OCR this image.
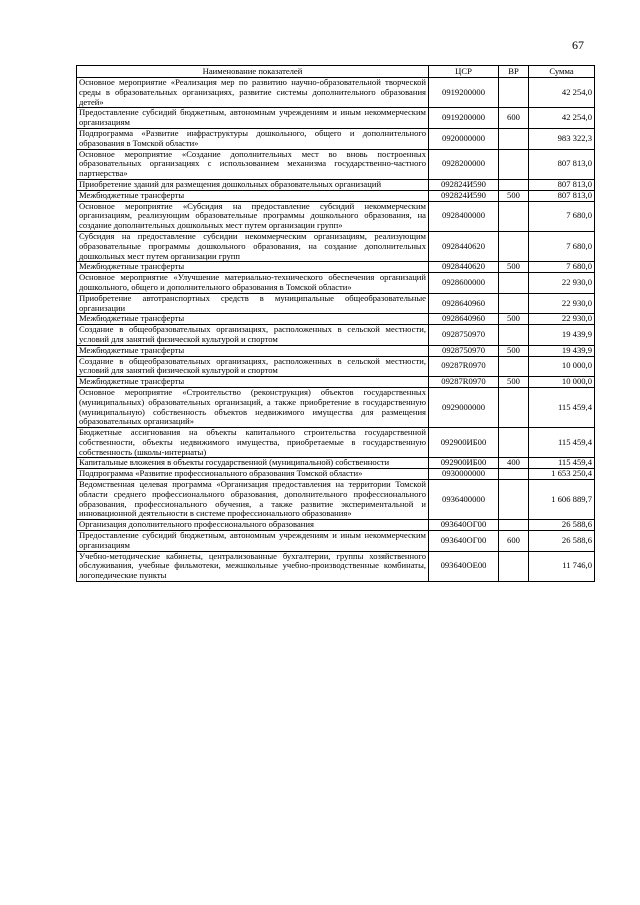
67
Наименование показателей	ЦСР	ВР	Сумма
Основное мероприятие «Реализация мер по развитию научно-образовательной творческой среды в образовательных организациях, развитие системы дополнительного образования детей»	0919200000		42 254,0
Предоставление субсидий бюджетным, автономным учреждениям и иным некоммерческим организациям	0919200000	600	42 254,0
Подпрограмма «Развитие инфраструктуры дошкольного, общего и дополнительного образования в Томской области»	0920000000		983 322,3
Основное мероприятие «Создание дополнительных мест во вновь построенных образовательных организациях с использованием механизма государственно-частного партнерства»	0928200000		807 813,0
Приобретение зданий для размещения дошкольных образовательных организаций	092824И590		807 813,0
Межбюджетные трансферты	092824И590	500	807 813,0
Основное мероприятие «Субсидия на предоставление субсидий некоммерческим организациям, реализующим образовательные программы дошкольного образования, на создание дополнительных дошкольных мест путем организации групп»	0928400000		7 680,0
Субсидия на предоставление субсидии некоммерческим организациям, реализующим образовательные программы дошкольного образования, на создание дополнительных дошкольных мест путем организации групп	0928440620		7 680,0
Межбюджетные трансферты	0928440620	500	7 680,0
Основное мероприятие «Улучшение материально-технического обеспечения организаций дошкольного, общего и дополнительного образования в Томской области»	0928600000		22 930,0
Приобретение автотранспортных средств в муниципальные общеобразовательные организации	0928640960		22 930,0
Межбюджетные трансферты	0928640960	500	22 930,0
Создание в общеобразовательных организациях, расположенных в сельской местности, условий для занятий физической культурой и спортом	0928750970		19 439,9
Межбюджетные трансферты	0928750970	500	19 439,9
Создание в общеобразовательных организациях, расположенных в сельской местности, условий для занятий физической культурой и спортом	09287R0970		10 000,0
Межбюджетные трансферты	09287R0970	500	10 000,0
Основное мероприятие «Строительство (реконструкция) объектов государственных (муниципальных) образовательных организаций, а также приобретение в государственную (муниципальную) собственность объектов недвижимого имущества для размещения образовательных организаций»	0929000000		115 459,4
Бюджетные ассигнования на объекты капитального строительства государственной собственности, объекты недвижимого имущества, приобретаемые в государственную собственность (школы-интернаты)	092900ИБ00		115 459,4
Капитальные вложения в объекты государственной (муниципальной) собственности	092900ИБ00	400	115 459,4
Подпрограмма «Развитие профессионального образования Томской области»	0930000000		1 653 250,4
Ведомственная целевая программа «Организация предоставления на территории Томской области среднего профессионального образования, дополнительного профессионального образования, профессионального обучения, а также развитие экспериментальной и инновационной деятельности в системе профессионального образования»	0936400000		1 606 889,7
Организация дополнительного профессионального образования	093640ОГ00		26 588,6
Предоставление субсидий бюджетным, автономным учреждениям и иным некоммерческим организациям	093640ОГ00	600	26 588,6
Учебно-методические кабинеты, централизованные бухгалтерии, группы хозяйственного обслуживания, учебные фильмотеки, межшкольные учебно-производственные комбинаты, логопедические пункты	093640ОЕ00		11 746,0
